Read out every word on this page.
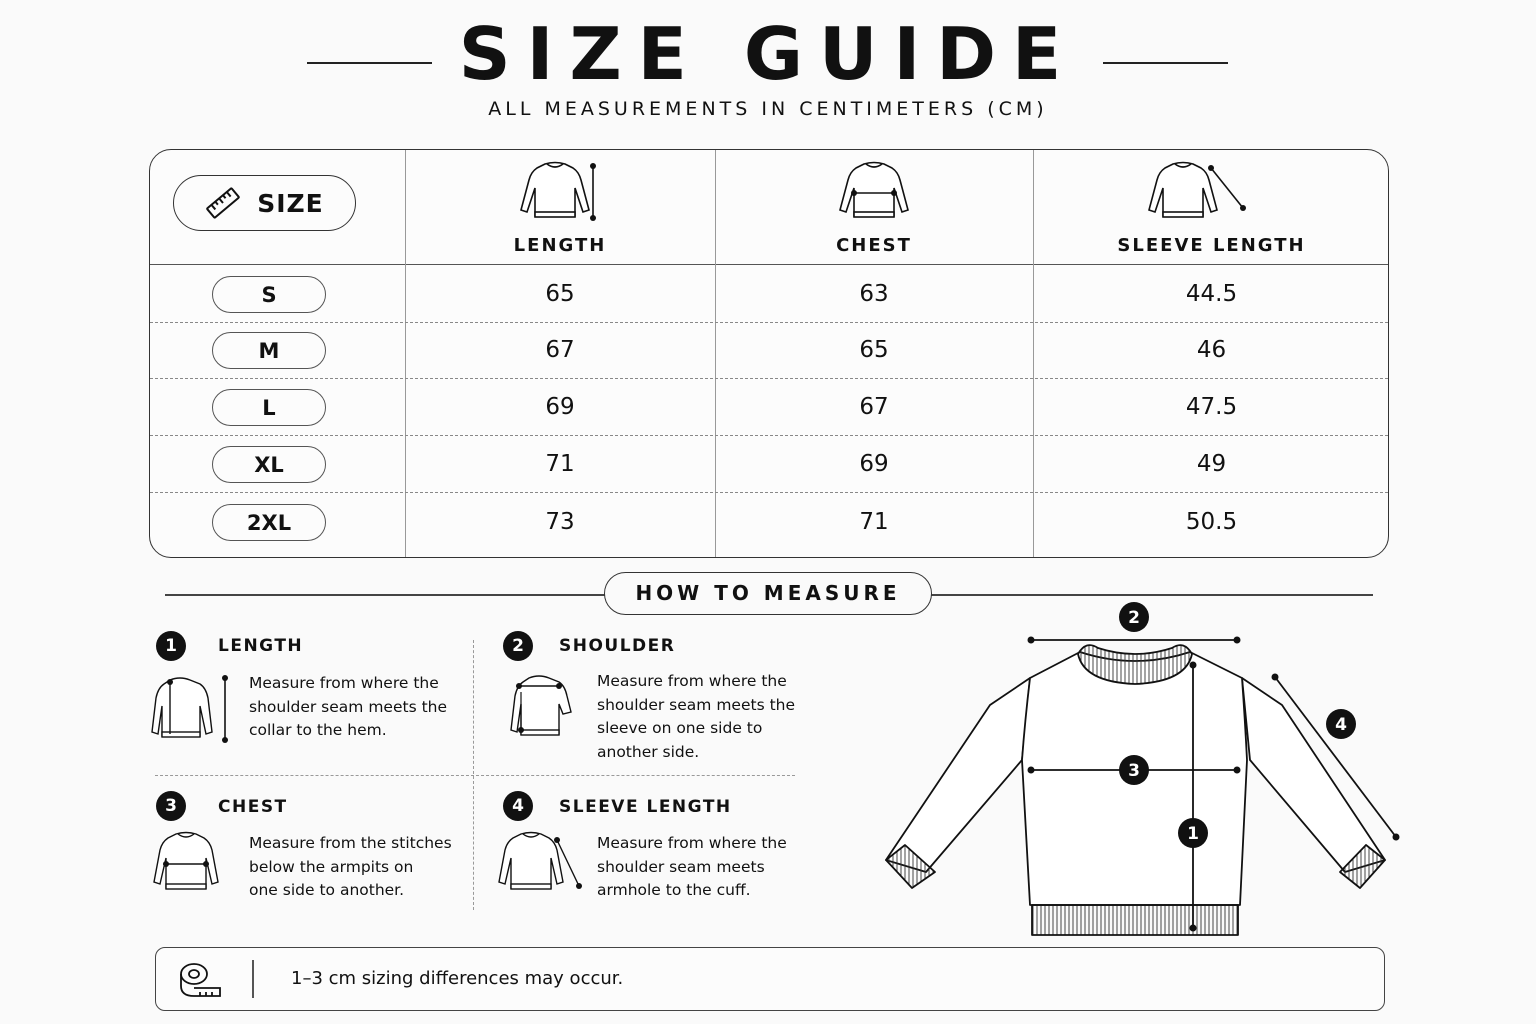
SIZE GUIDE
ALL MEASUREMENTS IN CENTIMETERS (CM)
SIZE
LENGTH	CHEST	SLEEVE LENGTH
S	65	63	44.5
M	67	65	46
L	69	67	47.5
XL	71	69	49
2XL	73	71	50.5
HOW TO MEASURE
1	LENGTH
Measure from where the
shoulder seam meets the
collar to the hem.
2	SHOULDER
Measure from where the
shoulder seam meets the
sleeve on one side to
another side.
3	CHEST
Measure from the stitches
below the armpits on
one side to another.
4	SLEEVE LENGTH
Measure from where the
shoulder seam meets
armhole to the cuff.
2
3
1
4
1–3 cm sizing differences may occur.
